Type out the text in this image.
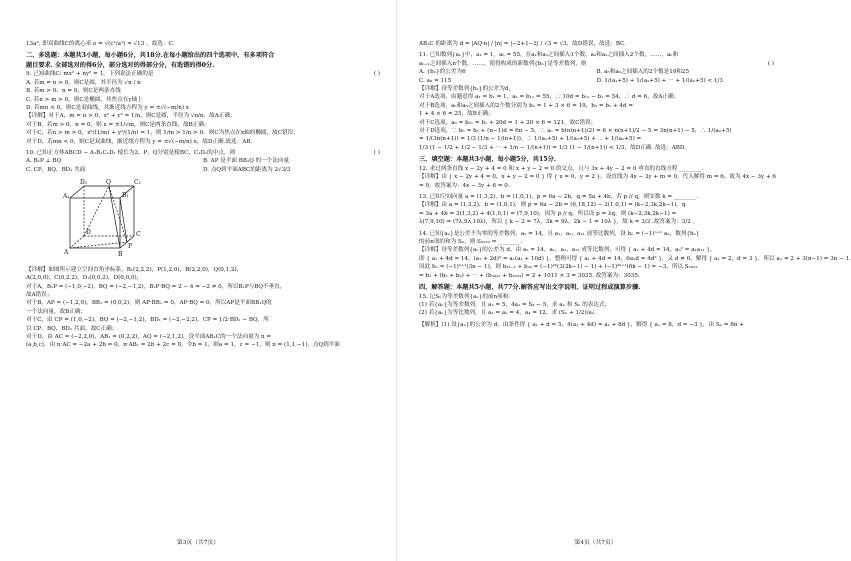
13a², 即双曲线C的离心率 e = √(c²/a²) = √13 ，故选：C.
二、多选题：本题共3小题，每小题6分，共18分.在每小题给出的四个选项中，有多项符合
题目要求. 全部选对的得6分，部分选对的得部分分，有选错的得0分.
9. 已知曲线C: mx² + ny² = 1，下列说法正确的是	( )
A. 若m = n > 0，则C是圆，其半径为 √n / n
B. 若m > 0，n = 0，则C是两条直线
C. 若n > m > 0，则C是椭圆，其焦点在y轴上
D. 若mn < 0，则C是双曲线，其渐近线方程为 y = ±√(−m/n) x
【详解】对于A，m = n > 0，x² + y² = 1/n，则C是圆，半径为 √n/n，故A正确；
对于B，若m > 0，n = 0，则 x = ±1/√m，则C是两条直线，故B正确；
对于C，若n > m > 0，x²/(1/m) + y²/(1/n) = 1，则 1/m > 1/n > 0，则C为焦点在x轴的椭圆，故C错误；
对于D，若mn < 0，则C是双曲线，渐近线方程为 y = ±√(−m/n) x，故D正确.故选：AB.
10. 已知正方体ABCD − A₁B₁C₁D₁ 棱长为2，P，Q分别是棱BC，C₁D₁的中点，则	( )
A. B₁P ⊥ BQ	B. AP 是平面 BB₁Q 的一个法向量
C. CP，BQ，BD₁ 共面	D. 点Q到平面ABC的距离为 2√3/3
D₁	Q	C₁
A₁	B₁
D	C
A	B
P
【详解】如图所示建立空间直角坐标系，B₁(2,2,2)，P(1,2,0)，B(2,2,0)，Q(0,1,2)，
A(2,0,0)，C(0,2,2)，D₁(0,0,2)，D(0,0,0)，
对于A，B₁P = (−1,0,−2)，BQ = (−2,−1,2)，B₁P·BQ = 2 − 4 = −2 ≠ 0，所以B₁P与BQ不垂直，
故A错误；
对于B，AP = (−1,2,0)，BB₁ = (0,0,2)，则 AP·BB₁ = 0，AP·BQ = 0，所以AP是平面BB₁Q的
一个法向量，故B正确；
对于C，由 CP = (1,0,−2)，BQ = (−2,−1,2)，BD₁ = (−2,−2,2)，CP = 1/2·BD₁ − BQ，所
以 CP，BQ，BD₁ 共面，故C正确；
对于D，由 AC = (−2,2,0)，AB₁ = (0,2,2)，AQ = (−2,1,2)，设平面AB₁C的一个法向量为 n =
(a,b,c)，由 n·AC = −2a + 2b = 0，n·AB₁ = 2b + 2c = 0，令b = 1，则a = 1，c = −1，则 n = (1,1,−1)，点Q到平面
第3页（共7页）
AB₁C 的距离为 d = |AQ·n| / |n| = |−2+1−2| / √3 = √3，故D错误，故选：BC.
11. 已知数列{aₙ}中，a₁ = 1，a₅ = 55，在a₁和a₂之间插入1个数，a₂和a₃之间插入2个数，……，aₙ和
aₙ₊₁之间插入n个数，……，使得构成的新数列{bₙ}是等差数列，则	( )
A. {bₙ}的公差为6	B. a₅和a₆之间插入的2个数是19和25
C. a₆ = 115	D. 1/(a₁+5) + 1/(a₂+5) + ⋯ + 1/(aₙ+5) < 1/3
【详解】设等差数列{bₙ}的公差为d，
对于A选项，由题意得 a₁ = b₁ = 1，a₅ = b₁₁ = 55，∴ 10d = b₁₁ − b₁ = 54，∴ d = 6，故A正确；
对于B选项，a₅和a₆之间插入的2个数分别为 b₂ = 1 + 3 × 6 = 19，b₃ = b₁ + 4d =
1 + 4 × 6 = 25，故B正确；
对于C选项，a₆ = b₂₁ = b₁ + 20d = 1 + 20 × 6 = 121，故C错误；
对于D选项，∵ bₙ = b₁ + (n−1)d = 6n − 5，∴ aₙ = b(n(n+1)/2) = 6 × n(n+1)/2 − 5 = 3n(n+1) − 5，∴ 1/(aₙ+5)
= 1/(3n(n+1)) = 1/3 (1/n − 1/(n+1))，∴ 1/(a₁+5) + 1/(a₂+5) + ⋯ + 1/(aₙ+5) =
1/3 (1 − 1/2 + 1/2 − 1/3 + ⋯ + 1/n − 1/(n+1)) = 1/3 (1 − 1/(n+1)) < 1/3，故D正确. 故选：ABD.
三、填空题：本题共3小题，每小题5分，共15分.
12. 求过两条直线 x − 2y + 4 = 0 和 x + y − 2 = 0 的交点，且与 3x + 4y − 2 = 0 垂直的直线方程 ________.
【详解】由 { x − 2y + 4 = 0，x + y − 2 = 0 } 得 { x = 0，y = 2 }，设直线为 4x − 3y + m = 0，代入解得 m = 6，故为 4x − 3y + 6
= 0，故答案为：4x − 3y + 6 = 0.
13. 已知空间向量 a = (1,3,2)，b = (1,0,1)，p = 6a − 2b，q = 5a + 4b，若 p // q，则实数 k = ________.
【详解】由 a = (1,3,2)，b = (1,0,1)，则 p = 6a − 2b = (6,18,12) − 2(1,0,1) = (k−2,3k,2k−1)，q
= 3a + 4b = 3(1,3,2) + 4(1,0,1) = (7,9,10)，因为 p // q，所以设 p = λq，则 (k−2,3k,2k−1) =
λ(7,9,10) = (7λ,9λ,10λ)，所以 { k − 2 = 7λ，3k = 9λ，2k − 1 = 10λ }，故 k = 3/2 .故答案为：3/2 .
14. 已知{aₙ}是公差不为零的等差数列，a₅ = 14，且 a₁，a₃，a₁₁ 成等比数列，设 bₙ = (−1)ⁿ⁺¹ aₙ，数列{bₙ}
的前n项的和为 Sₙ，则 S₂₀₂₃ = ________.
【详解】设等差数列{aₙ}的公差为 d，由 a₅ = 14，a₁，a₃，a₁₁ 成等比数列，可得 { a₁ + 4d = 14，a₃² = a₁a₁₁ }，
即 { a₁ + 4d = 14，(a₁ + 2d)² = a₁(a₁ + 10d) }，整理可得 { a₁ + 4d = 14，6a₁d = 4d² }，又 d ≠ 0，解得 { a₁ = 2，d = 3 }，所以 aₙ = 2 + 3(n−1) = 3n − 1.
因此 bₙ = (−1)ⁿ⁺¹(3n − 1)，则 b₂ₖ₋₁ + b₂ₖ = (−1)²ᵏ(3(2k−1) − 1) + (−1)²ᵏ⁺¹(6k − 1) = −3，所以 S₂₀₂₃
= b₁ + (b₂ + b₃) + ⋯ + (b₂₀₂₂ + b₂₀₂₃) = 2 + 1011 × 3 = 3035. 故答案为：3035.
四、解答题：本题共5小题，共77分.解答应写出文字说明、证明过程或演算步骤.
15. 记Sₙ为等差数列{aₙ}的前n项和.
(1) 若{aₙ}为等差数列，且 a₂ = 5，4a₁ = S₄ − 5，求 aₙ 和 Sₙ 的表达式；
(2) 若{aₙ}为等比数列，且 a₁ = a₂ = 4，a₄ = 12，求 (Sₙ + 1/2)/aₙ.
【解析】(1) 设{aₙ}的公差为 d，由条件得 { a₁ + d = 5，4(a₁ + 4d) = a₁ + 8d }，解得 { a₁ = 8，d = −3 }，由 Sₙ = 8n +
第4页（共7页）
